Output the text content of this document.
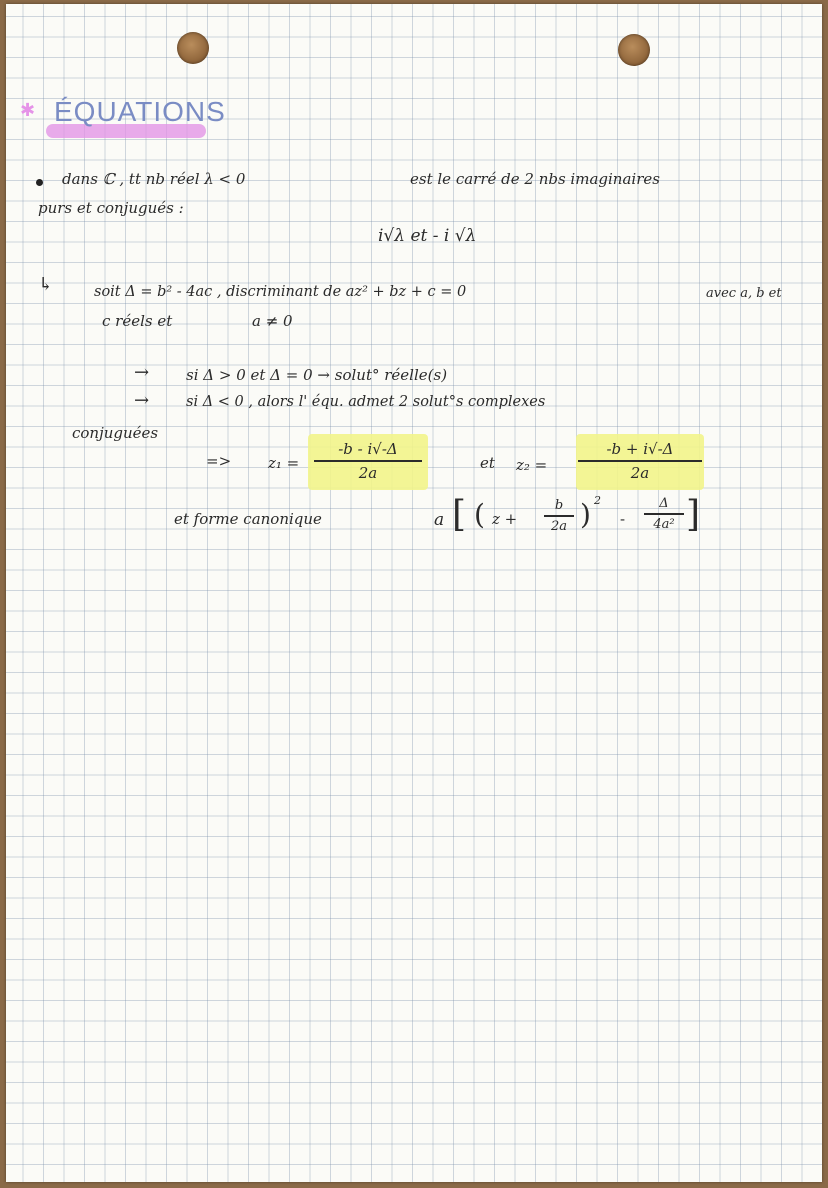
✱ ÉQUATIONS
dans ℂ , tt nb réel λ < 0	est le carré de 2 nbs imaginaires
purs et conjugués :
i√λ et - i √λ
↳	soit Δ = b² - 4ac , discriminant de az² + bz + c = 0	avec a, b et
c réels et	a ≠ 0
→ si Δ > 0 et Δ = 0 → solut° réelle(s)
→	si Δ < 0 , alors l' équ. admet 2 solut°s complexes
conjuguées
=> z₁ =
-b - i√-Δ
2a
et z₂ =
-b + i√-Δ
2a
et forme canonique	a [ ( z +
b
2a ) 2
-
Δ
4a² ]
